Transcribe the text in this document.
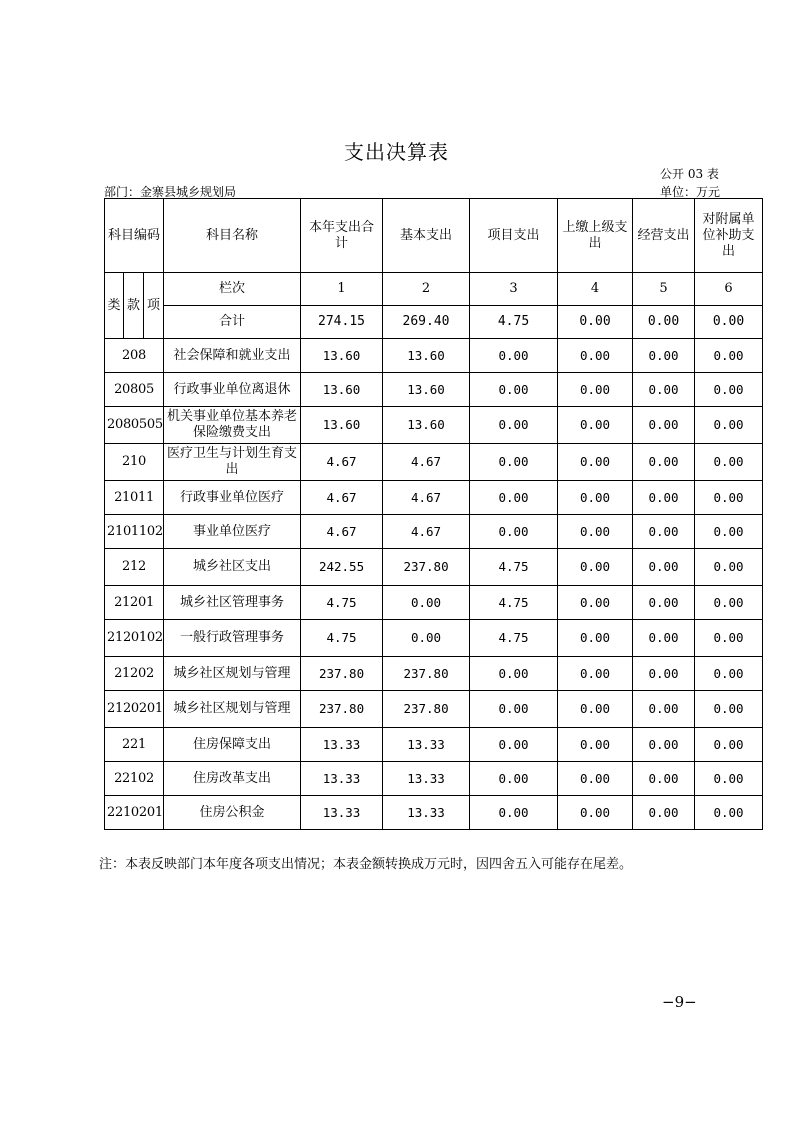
支出决算表
公开 03 表
部门：金寨县城乡规划局	单位：万元
科目编码			科目名称	本年支出合计	基本支出	项目支出	上缴上级支出	经营支出	对附属单位补助支出
类	款	项	栏次	1	2	3	4	5	6
			合计	274.15	269.40	4.75	0.00	0.00	0.00
208			社会保障和就业支出	13.60	13.60	0.00	0.00	0.00	0.00
20805			行政事业单位离退休	13.60	13.60	0.00	0.00	0.00	0.00
2080505			机关事业单位基本养老保险缴费支出	13.60	13.60	0.00	0.00	0.00	0.00
210			医疗卫生与计划生育支出	4.67	4.67	0.00	0.00	0.00	0.00
21011			行政事业单位医疗	4.67	4.67	0.00	0.00	0.00	0.00
2101102			事业单位医疗	4.67	4.67	0.00	0.00	0.00	0.00
212			城乡社区支出	242.55	237.80	4.75	0.00	0.00	0.00
21201			城乡社区管理事务	4.75	0.00	4.75	0.00	0.00	0.00
2120102			一般行政管理事务	4.75	0.00	4.75	0.00	0.00	0.00
21202			城乡社区规划与管理	237.80	237.80	0.00	0.00	0.00	0.00
2120201			城乡社区规划与管理	237.80	237.80	0.00	0.00	0.00	0.00
221			住房保障支出	13.33	13.33	0.00	0.00	0.00	0.00
22102			住房改革支出	13.33	13.33	0.00	0.00	0.00	0.00
2210201			住房公积金	13.33	13.33	0.00	0.00	0.00	0.00
注：本表反映部门本年度各项支出情况；本表金额转换成万元时，因四舍五入可能存在尾差。
−9−
